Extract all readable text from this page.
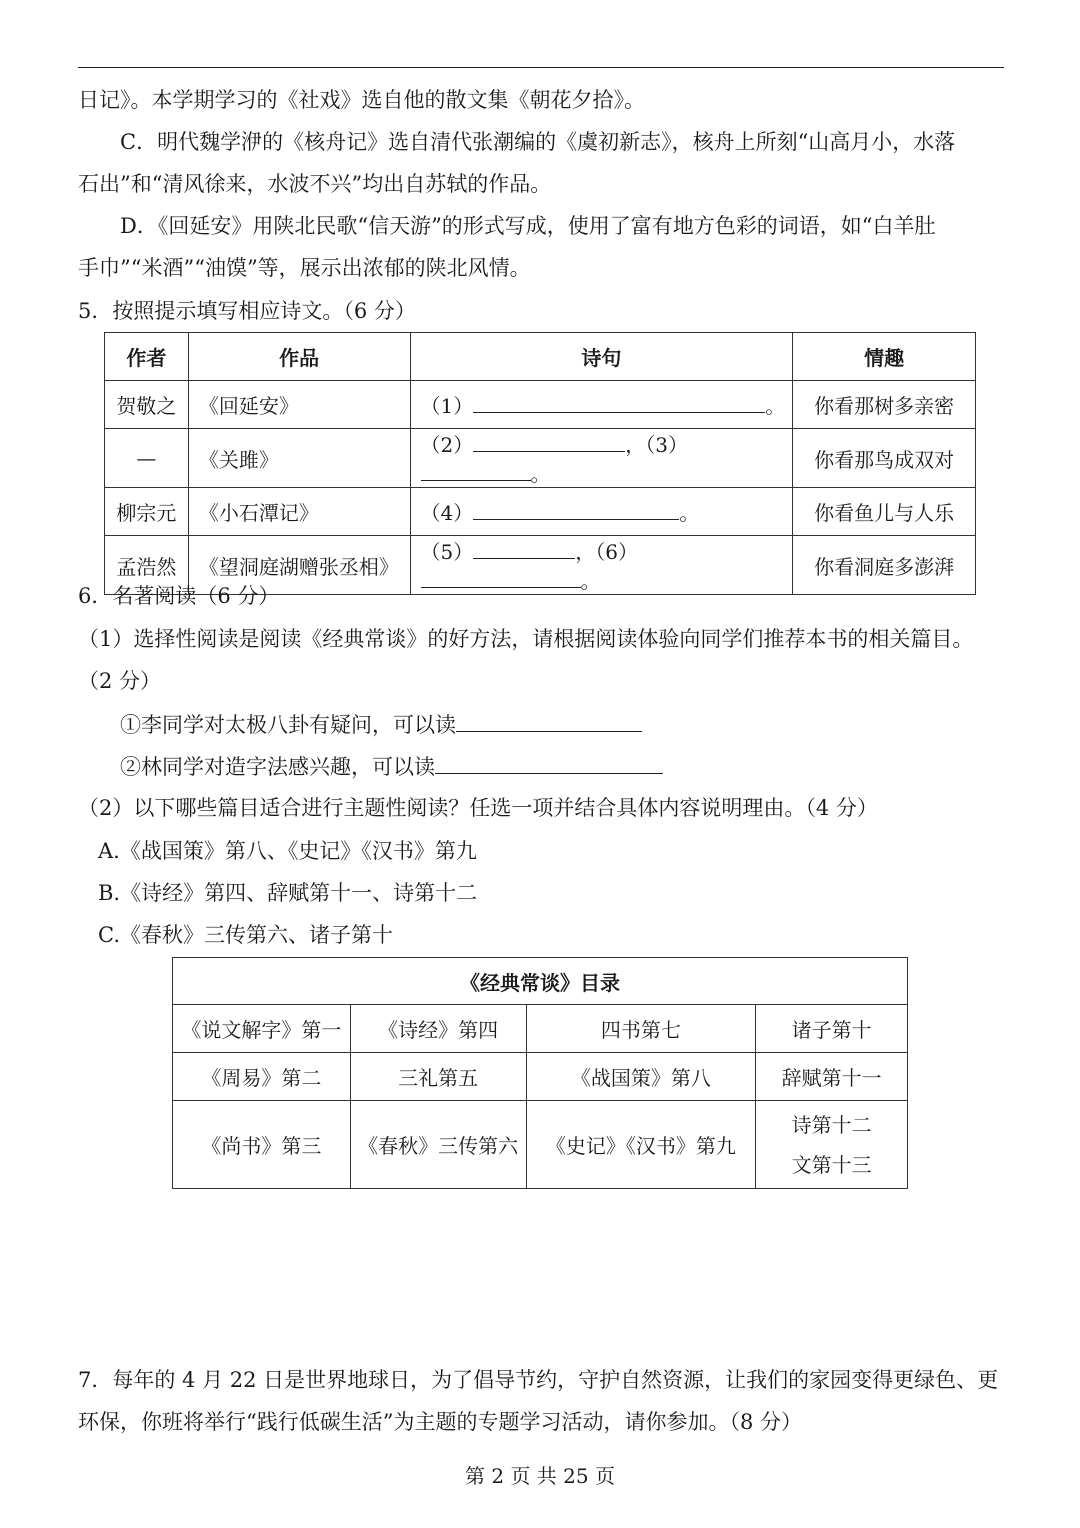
日记》。本学期学习的《社戏》选自他的散文集《朝花夕拾》。
C．明代魏学洢的《核舟记》选自清代张潮编的《虞初新志》，核舟上所刻“山高月小，水落
石出”和“清风徐来，水波不兴”均出自苏轼的作品。
D．《回延安》用陕北民歌“信天游”的形式写成，使用了富有地方色彩的词语，如“白羊肚
手巾”“米酒”“油馍”等，展示出浓郁的陕北风情。
5．按照提示填写相应诗文。（6 分）
作者	作品	诗句	情趣
贺敬之	《回延安》	（1） 。	你看那树多亲密
—	《关雎》	（2） ，（3）。	你看那鸟成双对
柳宗元	《小石潭记》	（4） 。	你看鱼儿与人乐
孟浩然	《望洞庭湖赠张丞相》	（5） ，（6）。	你看洞庭多澎湃
6．名著阅读（6 分）
（1）选择性阅读是阅读《经典常谈》的好方法，请根据阅读体验向同学们推荐本书的相关篇目。
（2 分）
①李同学对太极八卦有疑问，可以读
②林同学对造字法感兴趣，可以读
（2）以下哪些篇目适合进行主题性阅读？任选一项并结合具体内容说明理由。（4 分）
A.《战国策》第八、《史记》《汉书》第九
B.《诗经》第四、辞赋第十一、诗第十二
C.《春秋》三传第六、诸子第十
《经典常谈》目录			
《说文解字》第一	《诗经》第四	四书第七	诸子第十
《周易》第二	三礼第五	《战国策》第八	辞赋第十一
《尚书》第三	《春秋》三传第六	《史记》《汉书》第九	诗第十二
文第十三
7．每年的 4 月 22 日是世界地球日，为了倡导节约，守护自然资源，让我们的家园变得更绿色、更
环保，你班将举行“践行低碳生活”为主题的专题学习活动，请你参加。（8 分）
第 2 页 共 25 页
